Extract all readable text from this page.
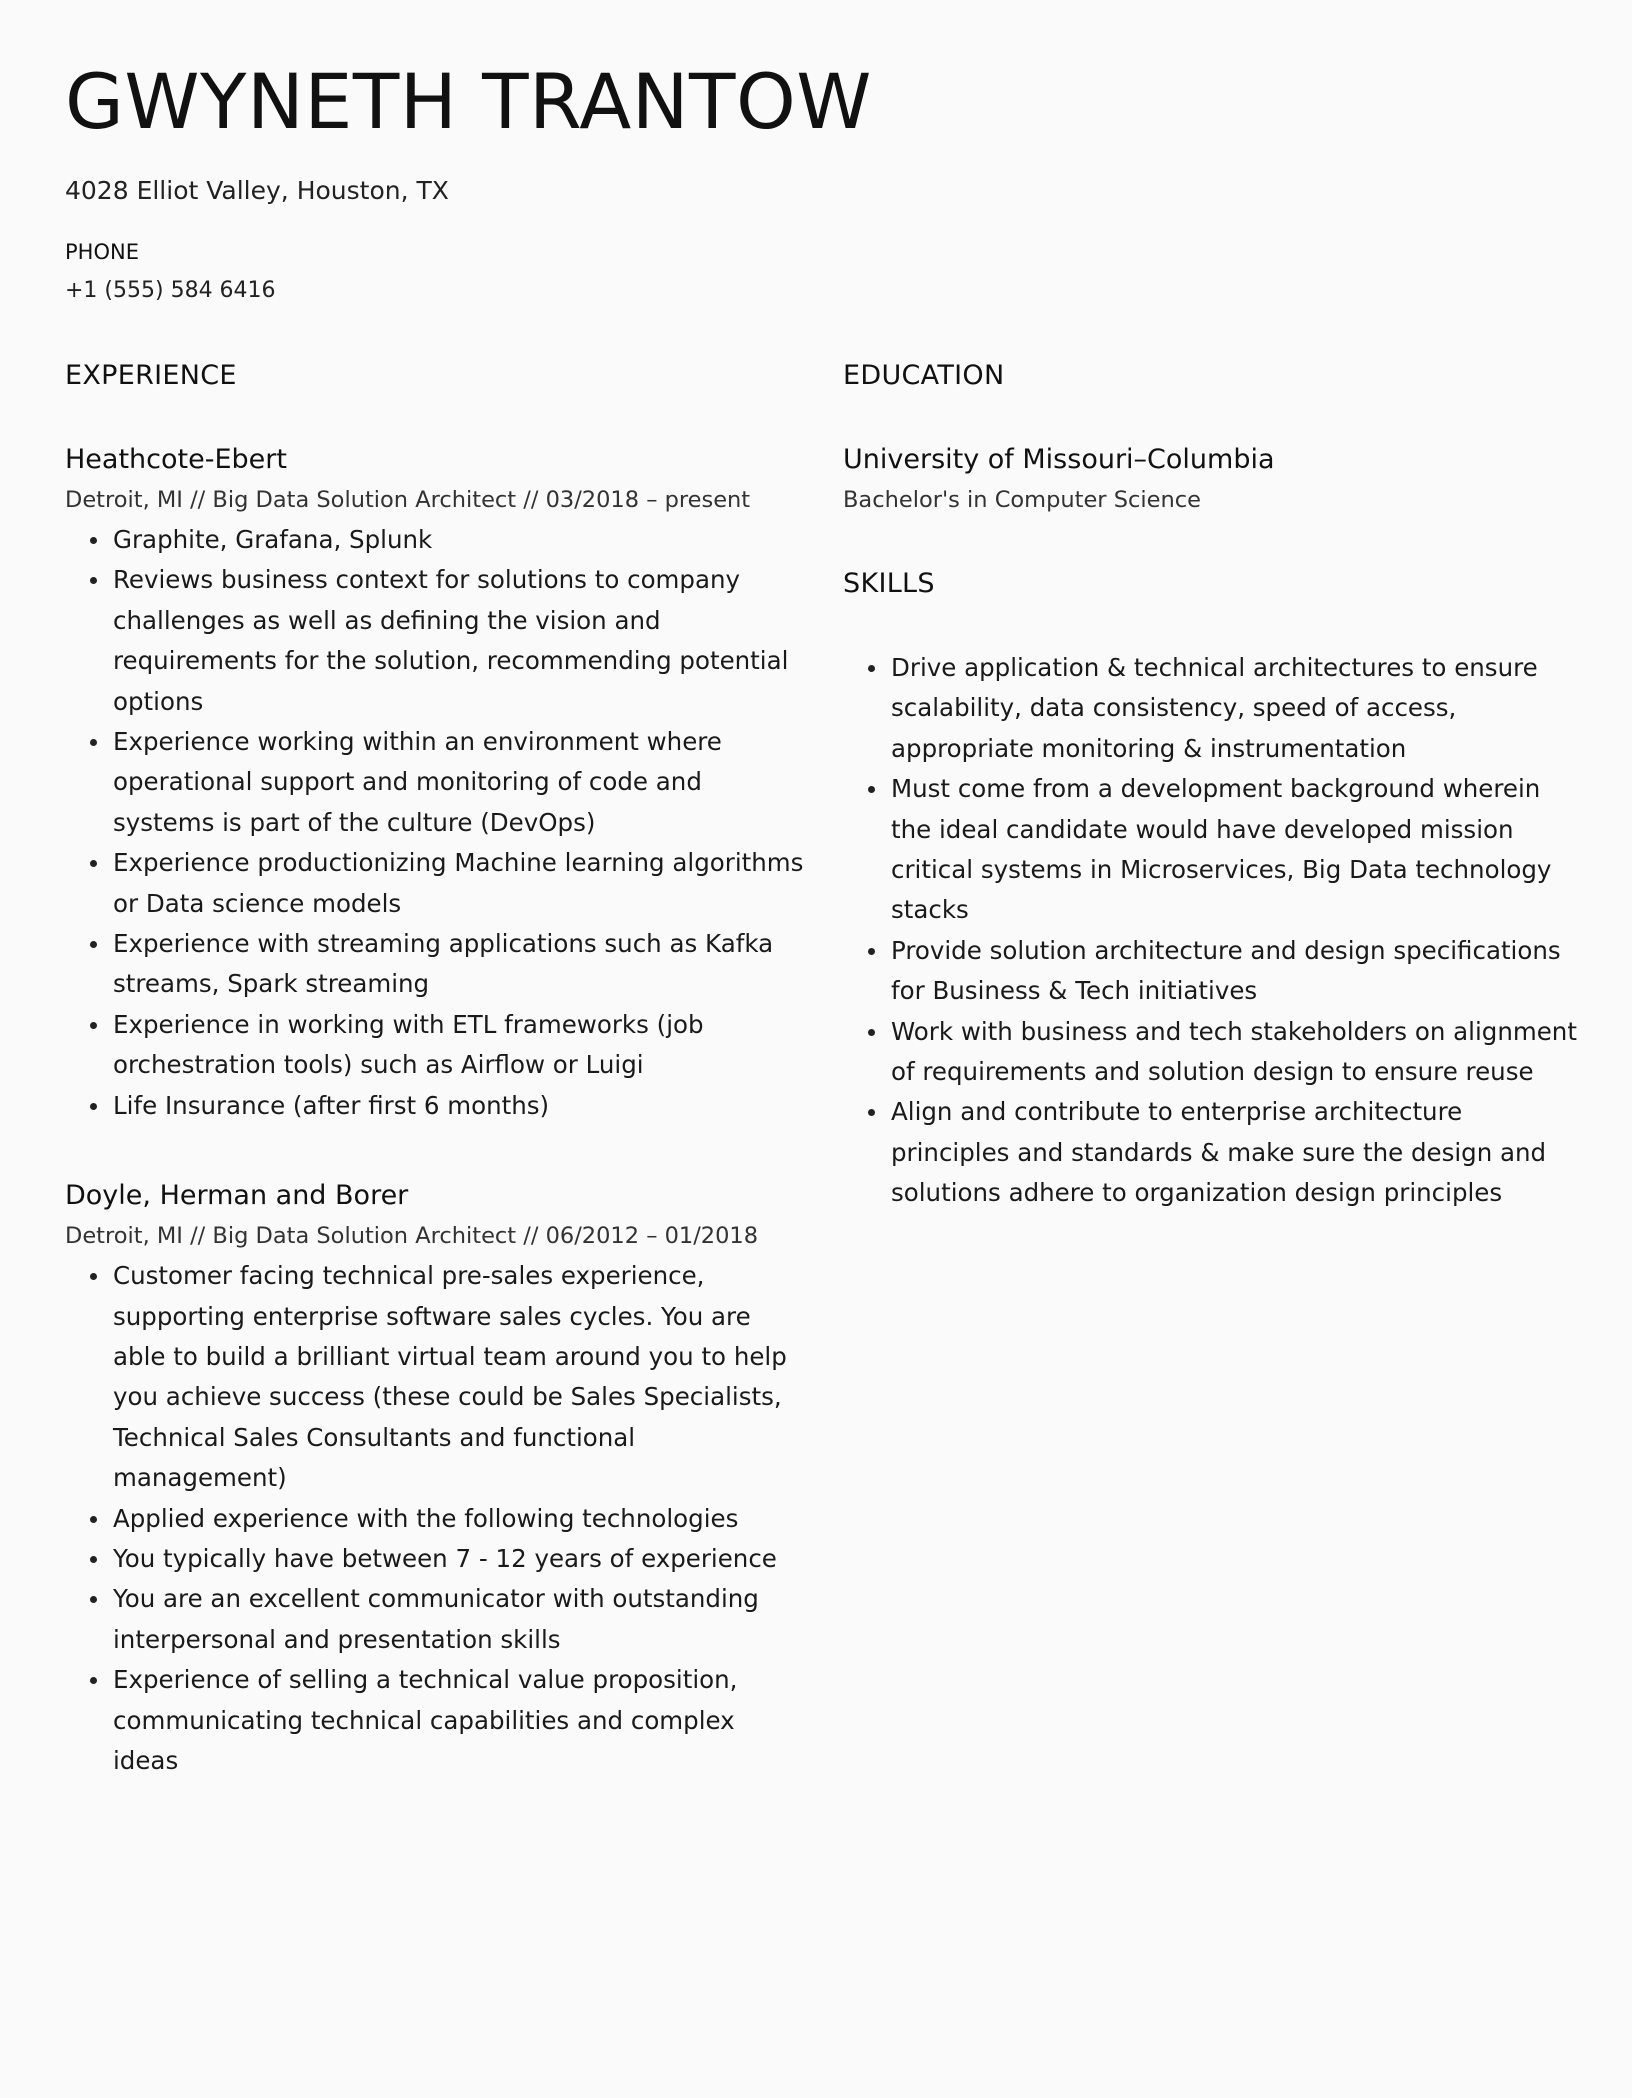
GWYNETH TRANTOW
4028 Elliot Valley, Houston, TX
PHONE
+1 (555) 584 6416
EXPERIENCE
Heathcote-Ebert
Detroit, MI // Big Data Solution Architect // 03/2018 – present
Graphite, Grafana, Splunk
Reviews business context for solutions to company challenges as well as defining the vision and requirements for the solution, recommending potential options
Experience working within an environment where operational support and monitoring of code and systems is part of the culture (DevOps)
Experience productionizing Machine learning algorithms or Data science models
Experience with streaming applications such as Kafka streams, Spark streaming
Experience in working with ETL frameworks (job orchestration tools) such as Airflow or Luigi
Life Insurance (after first 6 months)
Doyle, Herman and Borer
Detroit, MI // Big Data Solution Architect // 06/2012 – 01/2018
Customer facing technical pre-sales experience, supporting enterprise software sales cycles. You are able to build a brilliant virtual team around you to help you achieve success (these could be Sales Specialists, Technical Sales Consultants and functional management)
Applied experience with the following technologies
You typically have between 7 - 12 years of experience
You are an excellent communicator with outstanding interpersonal and presentation skills
Experience of selling a technical value proposition, communicating technical capabilities and complex ideas
EDUCATION
University of Missouri–Columbia
Bachelor's in Computer Science
SKILLS
Drive application & technical architectures to ensure scalability, data consistency, speed of access, appropriate monitoring & instrumentation
Must come from a development background wherein the ideal candidate would have developed mission critical systems in Microservices, Big Data technology stacks
Provide solution architecture and design specifications for Business & Tech initiatives
Work with business and tech stakeholders on alignment of requirements and solution design to ensure reuse
Align and contribute to enterprise architecture principles and standards & make sure the design and solutions adhere to organization design principles
